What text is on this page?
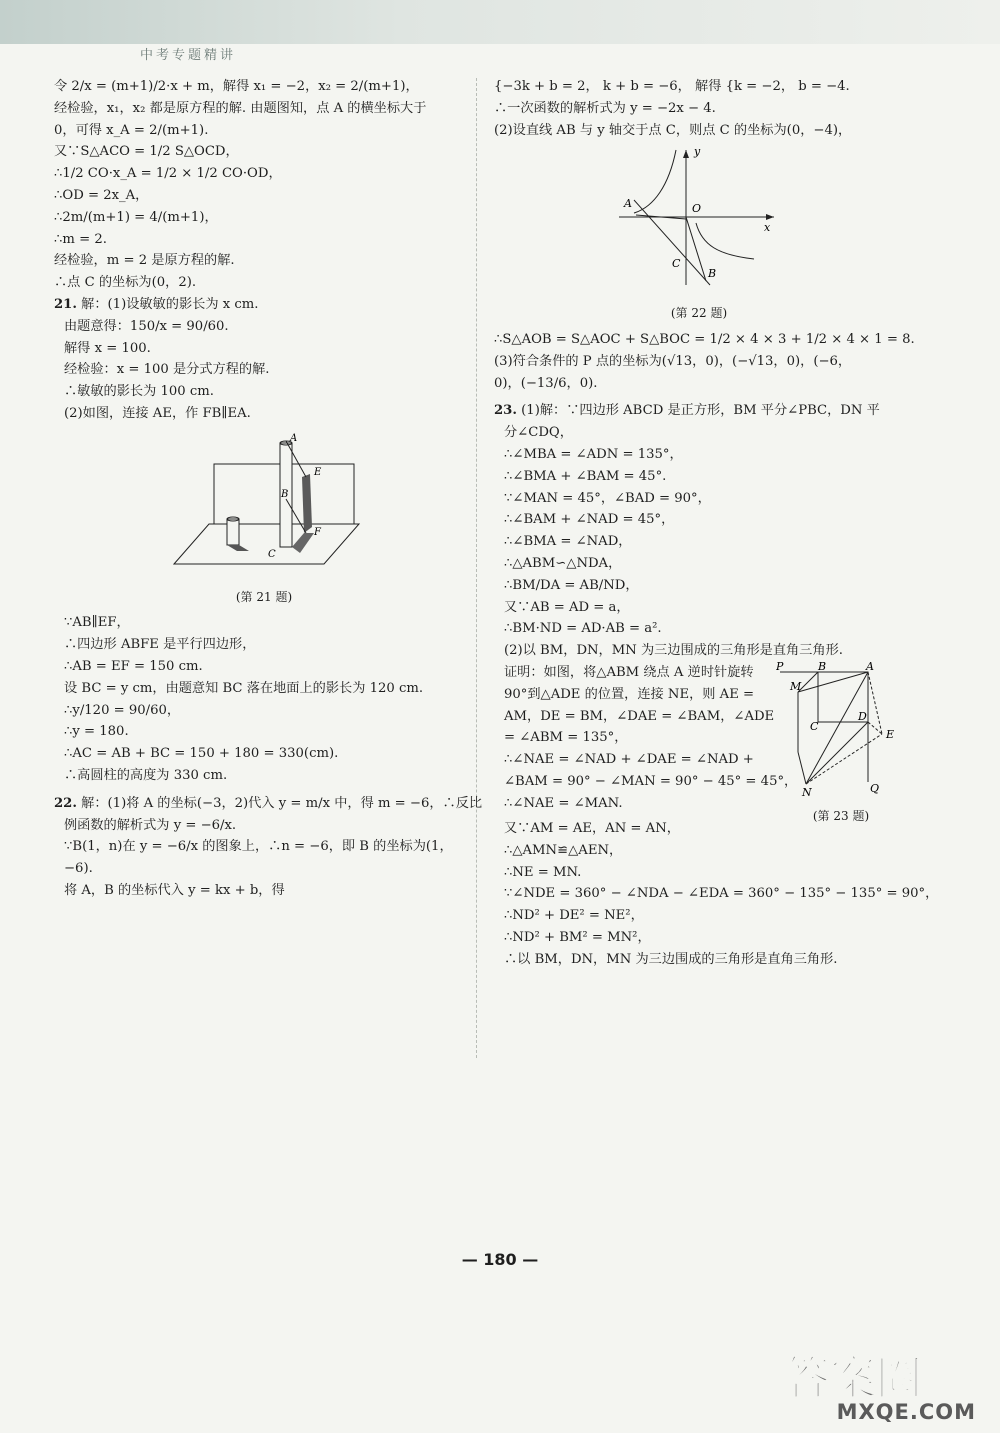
中考专题精讲
令 2/x = (m+1)/2·x + m，解得 x₁ = −2，x₂ = 2/(m+1)，
经检验，x₁，x₂ 都是原方程的解. 由题图知，点 A 的横坐标大于
0，可得 x_A = 2/(m+1).
又∵S△ACO = 1/2 S△OCD，
∴1/2 CO·x_A = 1/2 × 1/2 CO·OD，
∴OD = 2x_A，
∴2m/(m+1) = 4/(m+1)，
∴m = 2.
经检验，m = 2 是原方程的解.
∴点 C 的坐标为(0，2).
21. 解：(1)设敏敏的影长为 x cm.
由题意得：150/x = 90/60.
解得 x = 100.
经检验：x = 100 是分式方程的解.
∴敏敏的影长为 100 cm.
(2)如图，连接 AE，作 FB∥EA.
A
B
C
E
F
(第 21 题)
∵AB∥EF，
∴四边形 ABFE 是平行四边形，
∴AB = EF = 150 cm.
设 BC = y cm，由题意知 BC 落在地面上的影长为 120 cm.
∴y/120 = 90/60，
∴y = 180.
∴AC = AB + BC = 150 + 180 = 330(cm).
∴高圆柱的高度为 330 cm.
22. 解：(1)将 A 的坐标(−3，2)代入 y = m/x 中，得 m = −6，∴反比
例函数的解析式为 y = −6/x.
∵B(1，n)在 y = −6/x 的图象上，∴n = −6，即 B 的坐标为(1，
−6).
将 A，B 的坐标代入 y = kx + b，得
{−3k + b = 2， k + b = −6， 解得 {k = −2， b = −4.
∴一次函数的解析式为 y = −2x − 4.
(2)设直线 AB 与 y 轴交于点 C，则点 C 的坐标为(0，−4)，
y
x
A	O
C
B
(第 22 题)
∴S△AOB = S△AOC + S△BOC = 1/2 × 4 × 3 + 1/2 × 4 × 1 = 8.
(3)符合条件的 P 点的坐标为(√13，0)，(−√13，0)，(−6，
0)，(−13/6，0).
23. (1)解：∵四边形 ABCD 是正方形，BM 平分∠PBC，DN 平
分∠CDQ，
∴∠MBA = ∠ADN = 135°，
∴∠BMA + ∠BAM = 45°.
∵∠MAN = 45°，∠BAD = 90°，
∴∠BAM + ∠NAD = 45°，
∴∠BMA = ∠NAD，
∴△ABM∽△NDA，
∴BM/DA = AB/ND，
又∵AB = AD = a，
∴BM·ND = AD·AB = a².
(2)以 BM，DN，MN 为三边围成的三角形是直角三角形.
证明：如图，将△ABM 绕点 A 逆时针旋转
90°到△ADE 的位置，连接 NE，则 AE =
AM，DE = BM，∠DAE = ∠BAM，∠ADE
= ∠ABM = 135°，
∴∠NAE = ∠NAD + ∠DAE = ∠NAD +
∠BAM = 90° − ∠MAN = 90° − 45° = 45°，
∴∠NAE = ∠MAN.
P	B	A
M
C
D
E
N	Q
(第 23 题)
又∵AM = AE，AN = AN，
∴△AMN≌△AEN，
∴NE = MN.
∵∠NDE = 360° − ∠NDA − ∠EDA = 360° − 135° − 135° = 90°，
∴ND² + DE² = NE²，
∴ND² + BM² = MN²，
∴以 BM，DN，MN 为三边围成的三角形是直角三角形.
— 180 —
答案圈
MXQE.COM
